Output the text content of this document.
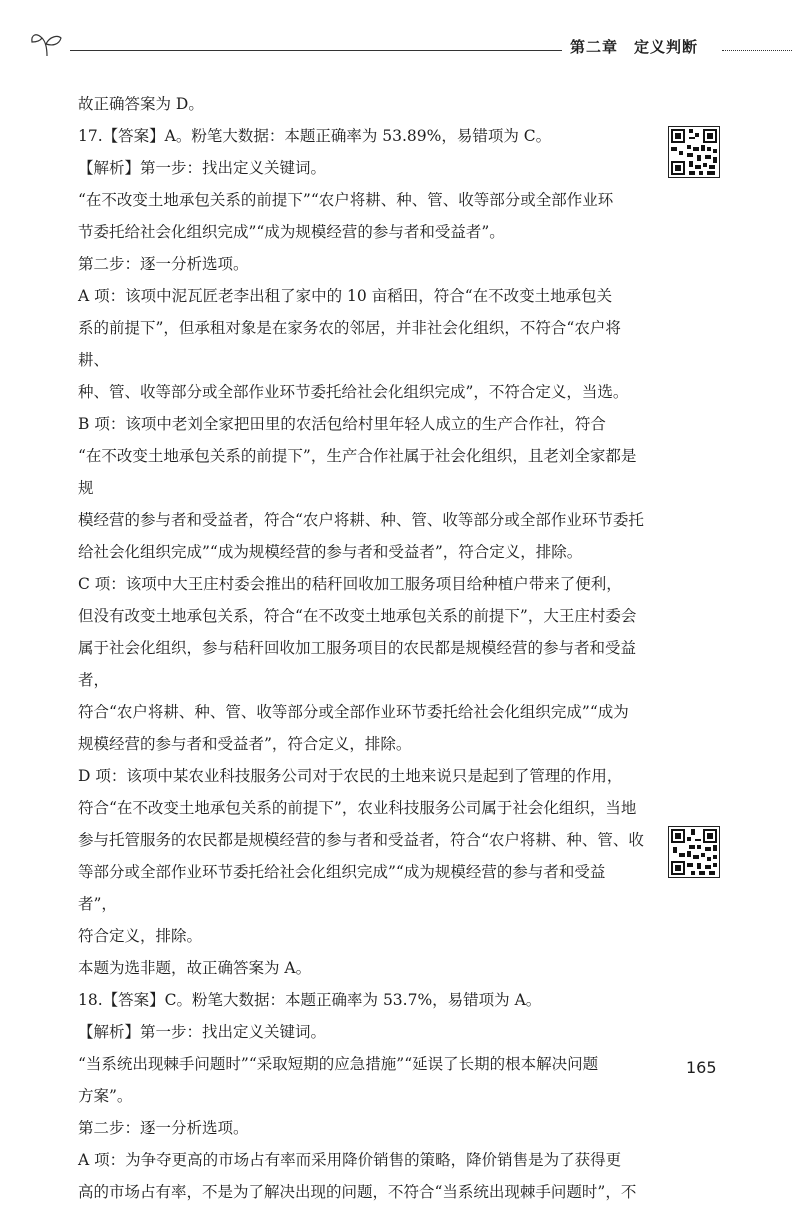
第二章　定义判断

故正确答案为 D。

17.【答案】A。粉笔大数据：本题正确率为 53.89%，易错项为 C。

【解析】第一步：找出定义关键词。

“在不改变土地承包关系的前提下”“农户将耕、种、管、收等部分或全部作业环

节委托给社会化组织完成”“成为规模经营的参与者和受益者”。

第二步：逐一分析选项。

A 项：该项中泥瓦匠老李出租了家中的 10 亩稻田，符合“在不改变土地承包关

系的前提下”，但承租对象是在家务农的邻居，并非社会化组织，不符合“农户将耕、

种、管、收等部分或全部作业环节委托给社会化组织完成”，不符合定义，当选。

B 项：该项中老刘全家把田里的农活包给村里年轻人成立的生产合作社，符合

“在不改变土地承包关系的前提下”，生产合作社属于社会化组织，且老刘全家都是规

模经营的参与者和受益者，符合“农户将耕、种、管、收等部分或全部作业环节委托

给社会化组织完成”“成为规模经营的参与者和受益者”，符合定义，排除。

C 项：该项中大王庄村委会推出的秸秆回收加工服务项目给种植户带来了便利，

但没有改变土地承包关系，符合“在不改变土地承包关系的前提下”，大王庄村委会

属于社会化组织，参与秸秆回收加工服务项目的农民都是规模经营的参与者和受益者，

符合“农户将耕、种、管、收等部分或全部作业环节委托给社会化组织完成”“成为

规模经营的参与者和受益者”，符合定义，排除。

D 项：该项中某农业科技服务公司对于农民的土地来说只是起到了管理的作用，

符合“在不改变土地承包关系的前提下”，农业科技服务公司属于社会化组织，当地

参与托管服务的农民都是规模经营的参与者和受益者，符合“农户将耕、种、管、收

等部分或全部作业环节委托给社会化组织完成”“成为规模经营的参与者和受益者”，

符合定义，排除。

本题为选非题，故正确答案为 A。

18.【答案】C。粉笔大数据：本题正确率为 53.7%，易错项为 A。

【解析】第一步：找出定义关键词。

“当系统出现棘手问题时”“采取短期的应急措施”“延误了长期的根本解决问题

方案”。

第二步：逐一分析选项。

A 项：为争夺更高的市场占有率而采用降价销售的策略，降价销售是为了获得更

高的市场占有率，不是为了解决出现的问题，不符合“当系统出现棘手问题时”，不

165
